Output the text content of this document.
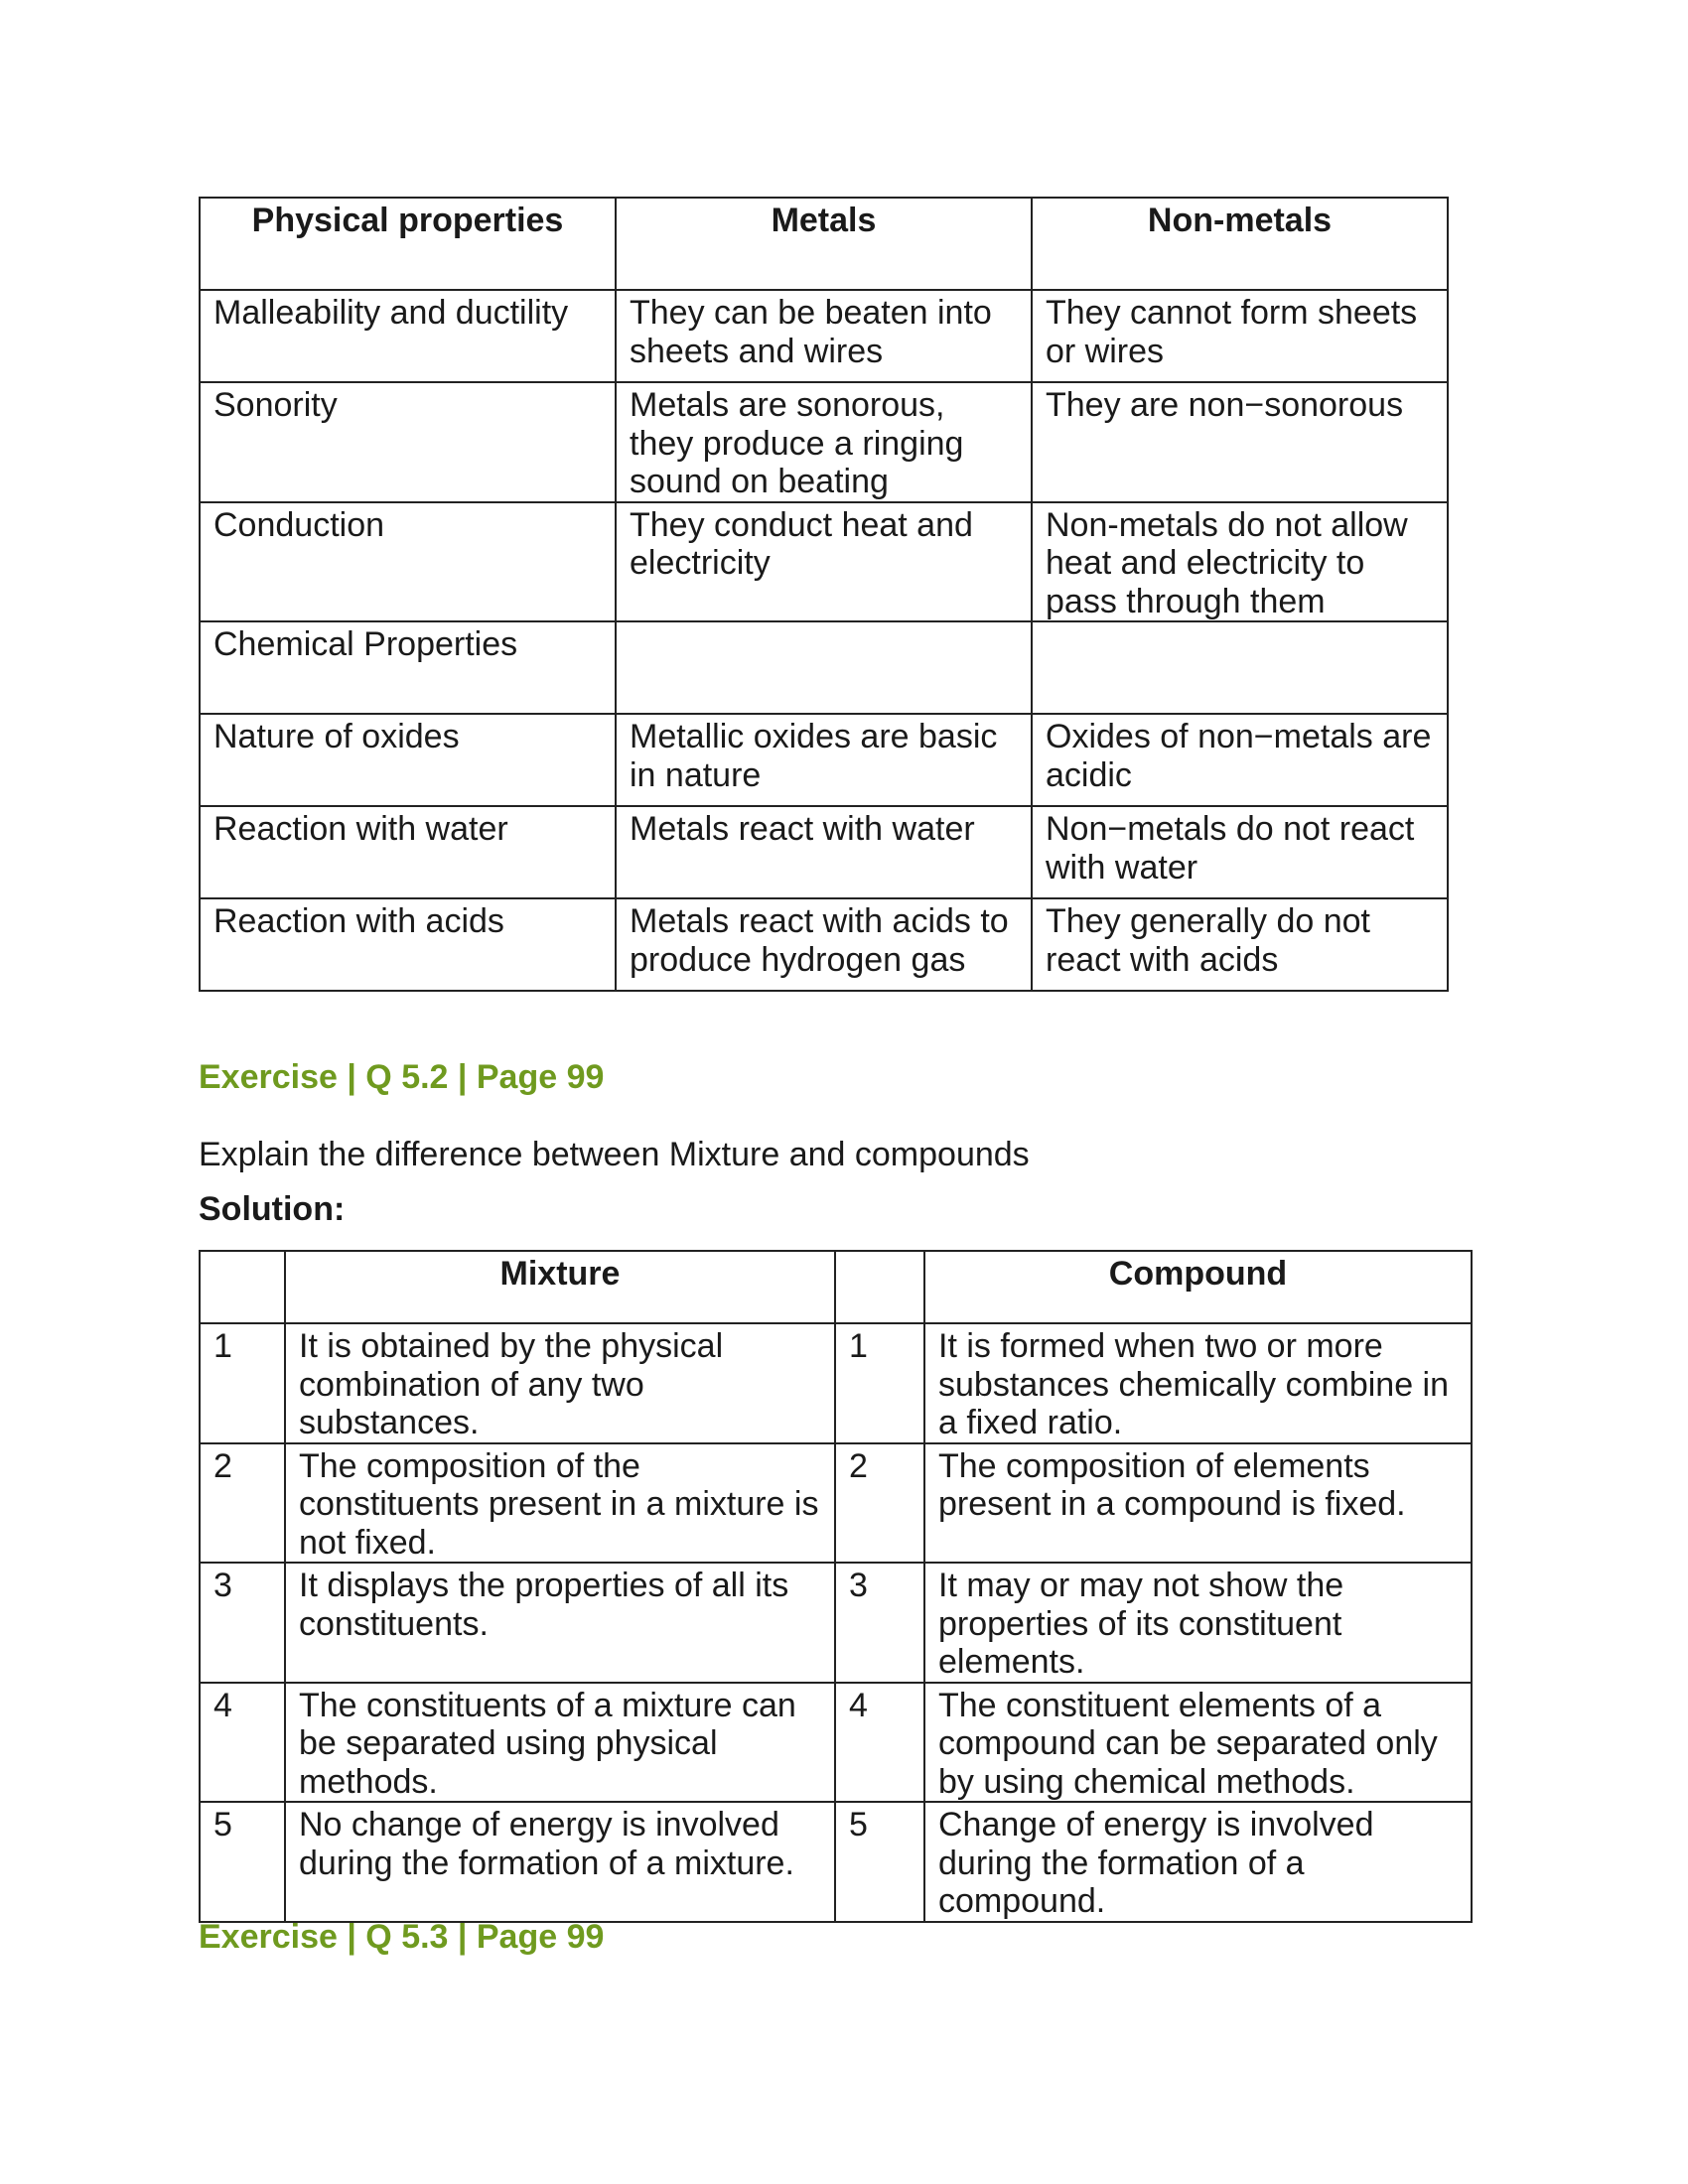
Physical properties	Metals	Non-metals
Malleability and ductility	They can be beaten into sheets and wires	They cannot form sheets or wires
Sonority	Metals are sonorous, they produce a ringing sound on beating	They are non−sonorous
Conduction	They conduct heat and electricity	Non-metals do not allow heat and electricity to pass through them
Chemical Properties		
Nature of oxides	Metallic oxides are basic in nature	Oxides of non−metals are acidic
Reaction with water	Metals react with water	Non−metals do not react with water
Reaction with acids	Metals react with acids to produce hydrogen gas	They generally do not react with acids
Exercise | Q 5.2 | Page 99
Explain the difference between Mixture and compounds
Solution:
	Mixture		Compound
1	It is obtained by the physical combination of any two substances.	1	It is formed when two or more substances chemically combine in a fixed ratio.
2	The composition of the constituents present in a mixture is not fixed.	2	The composition of elements present in a compound is fixed.
3	It displays the properties of all its constituents.	3	It may or may not show the properties of its constituent elements.
4	The constituents of a mixture can be separated using physical methods.	4	The constituent elements of a compound can be separated only by using chemical methods.
5	No change of energy is involved during the formation of a mixture.	5	Change of energy is involved during the formation of a compound.
Exercise | Q 5.3 | Page 99
